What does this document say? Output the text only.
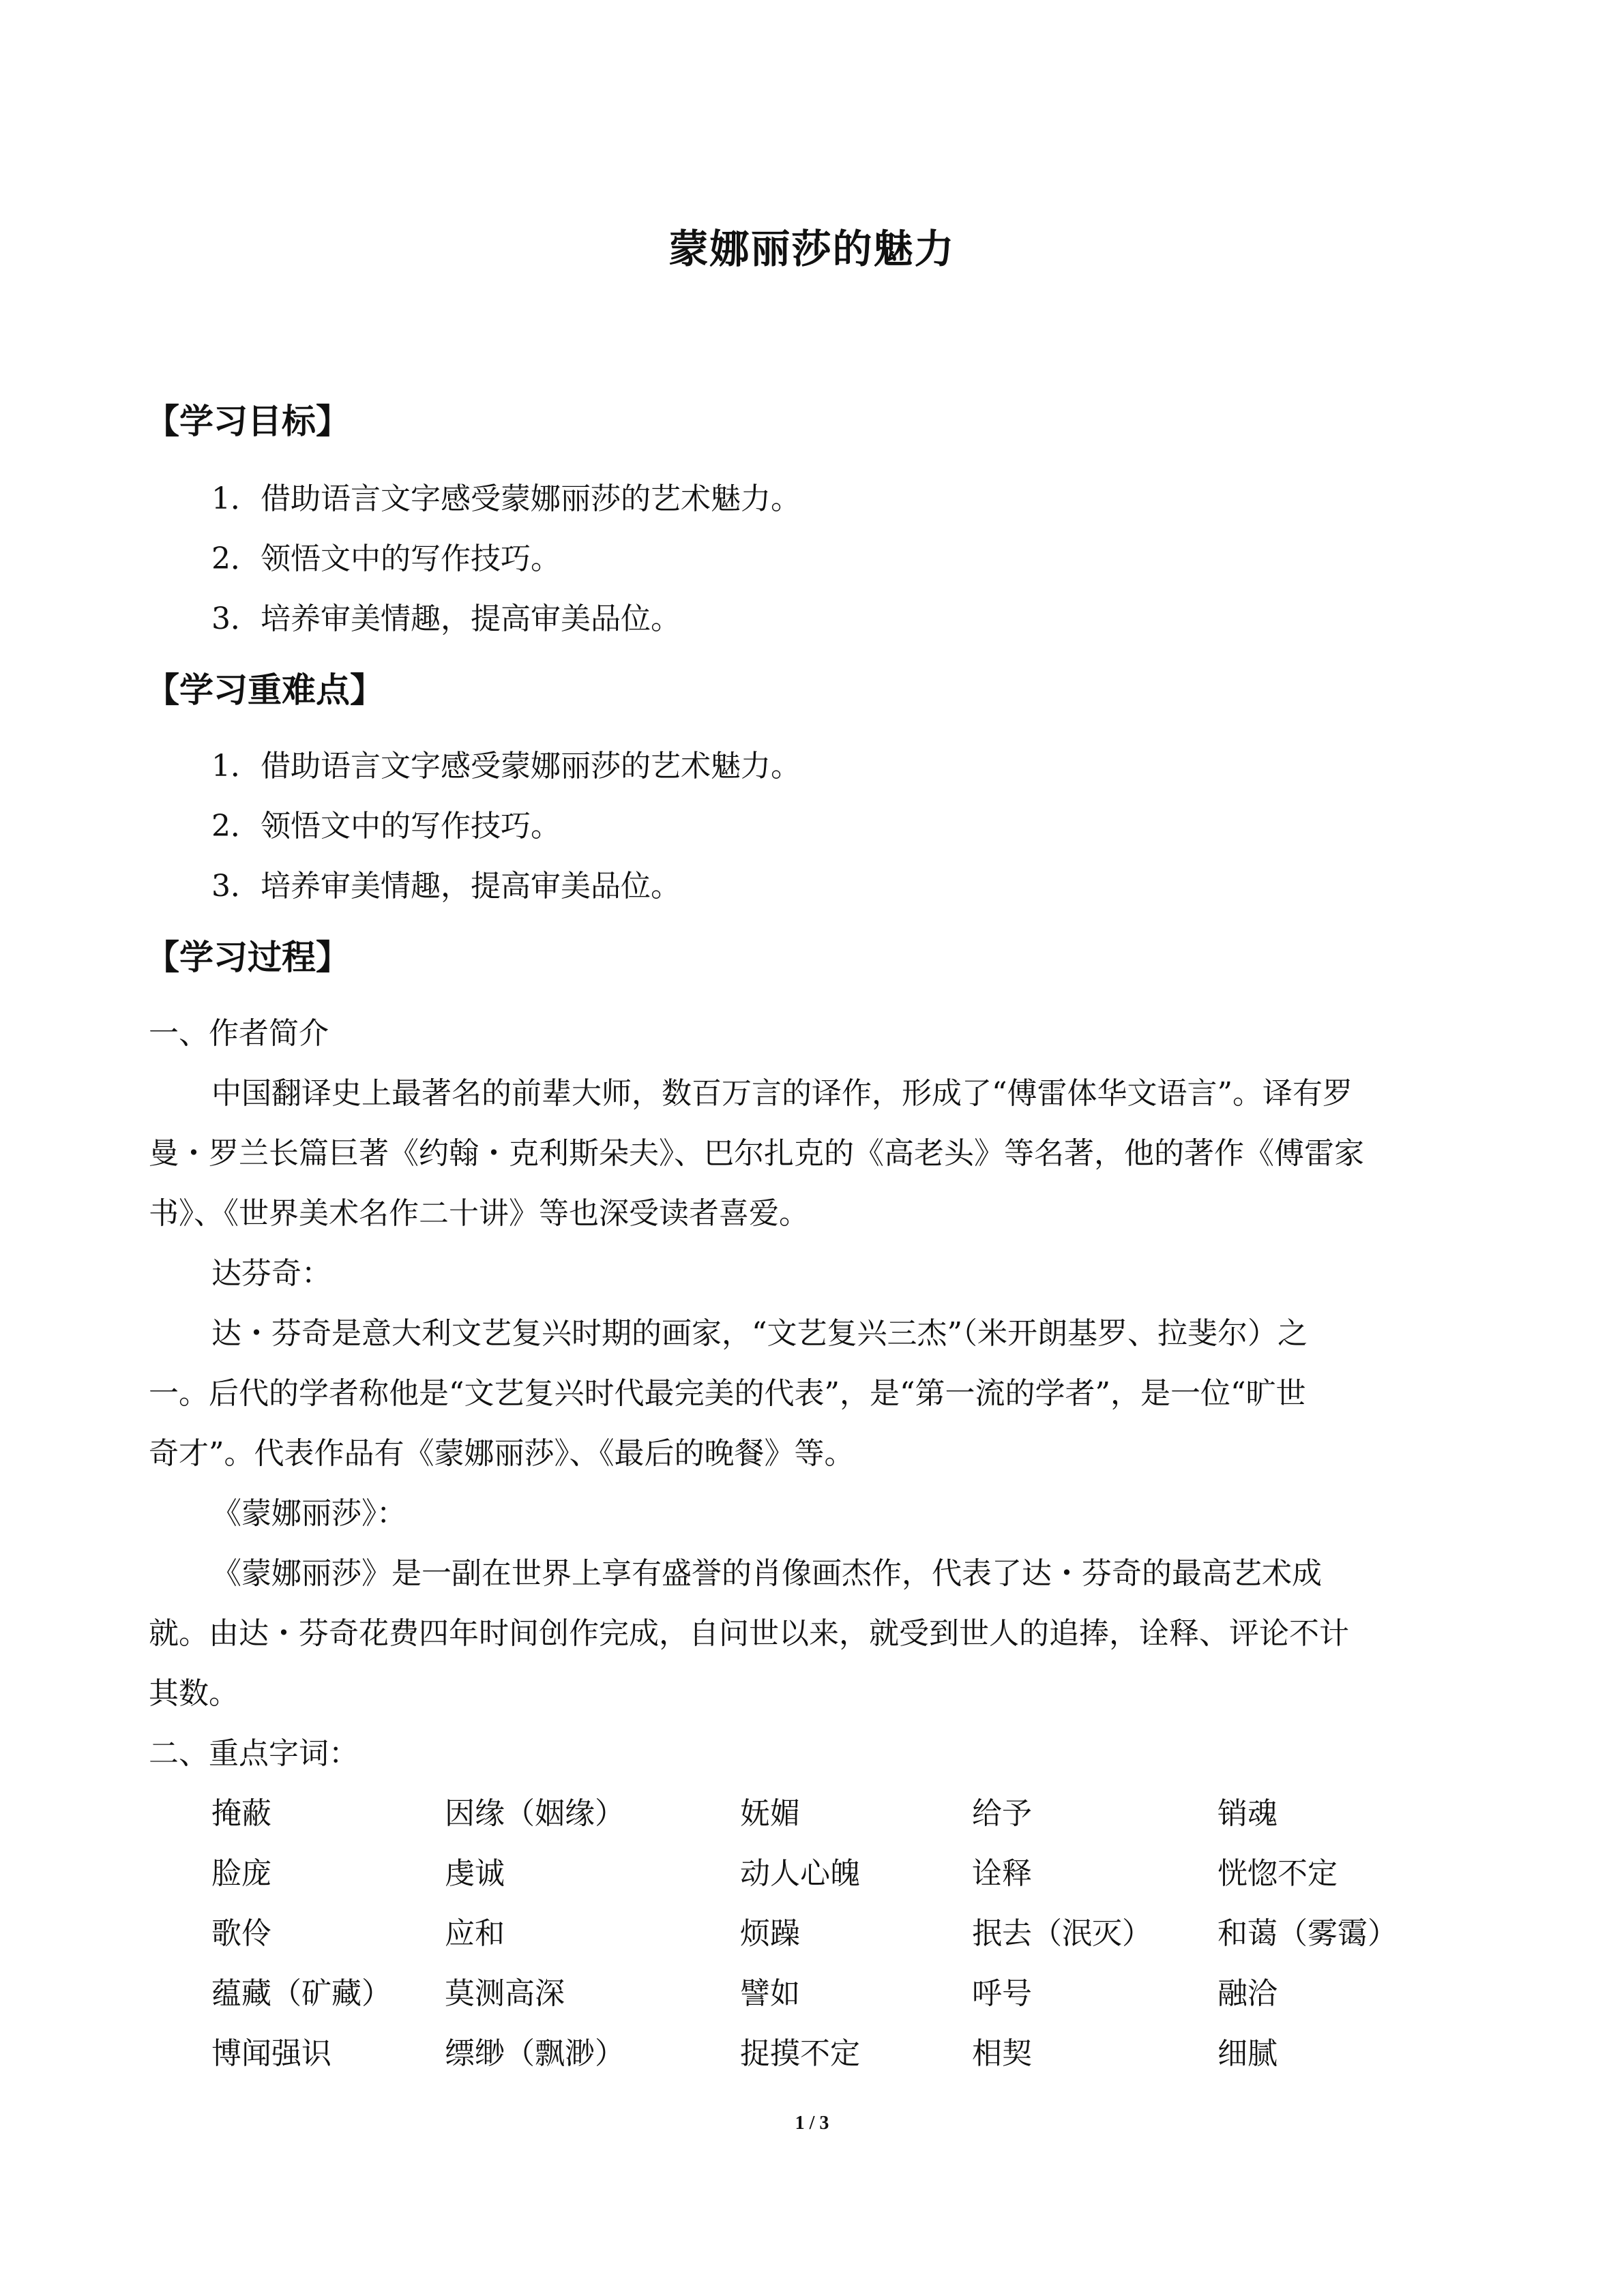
蒙娜丽莎的魅力
【学习目标】

1．借助语言文字感受蒙娜丽莎的艺术魅力。

2．领悟文中的写作技巧。

3．培养审美情趣，提高审美品位。

【学习重难点】

1．借助语言文字感受蒙娜丽莎的艺术魅力。

2．领悟文中的写作技巧。

3．培养审美情趣，提高审美品位。

【学习过程】

一、作者简介

中国翻译史上最著名的前辈大师，数百万言的译作，形成了“傅雷体华文语言”。译有罗

曼・罗兰长篇巨著《约翰・克利斯朵夫》、巴尔扎克的《高老头》等名著，他的著作《傅雷家

书》、《世界美术名作二十讲》等也深受读者喜爱。

达芬奇：

达・芬奇是意大利文艺复兴时期的画家，“文艺复兴三杰”（米开朗基罗、拉斐尔）之

一。后代的学者称他是“文艺复兴时代最完美的代表”，是“第一流的学者”，是一位“旷世

奇才”。代表作品有《蒙娜丽莎》、《最后的晚餐》等。

《蒙娜丽莎》：

《蒙娜丽莎》是一副在世界上享有盛誉的肖像画杰作，代表了达・芬奇的最高艺术成

就。由达・芬奇花费四年时间创作完成，自问世以来，就受到世人的追捧，诠释、评论不计

其数。

二、重点字词：

掩蔽	因缘（姻缘）	妩媚	给予	销魂
脸庞	虔诚	动人心魄	诠释	恍惚不定
歌伶	应和	烦躁	抿去（泯灭） 和蔼（雾霭）
蕴藏（矿藏） 莫测高深	譬如	呼号	融洽
博闻强识	缥缈（飘渺）	捉摸不定	相契	细腻
1 / 3
